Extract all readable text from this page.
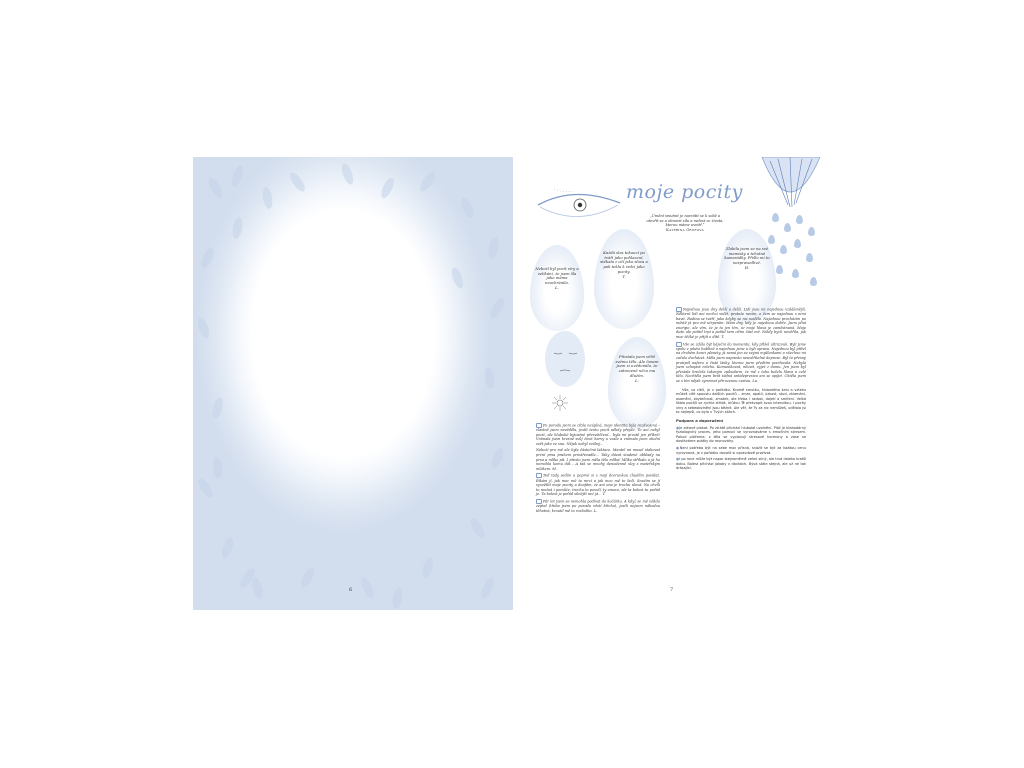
6
moje pocity
„Umění smutnit je navrátit se k sobě a otevřít se a obnovit sílu a radost ze života, kterou máme uvnitř.“
Kateřina Grofová
Každá slza tekoucí po tváři jako pohlazení, stékala z očí jako slova a pak tekla k srdci jako pocity.
T.
Neboží byl pocit víry a velikáni, že jsem šla jako máma neochránila.
L.
Zlobila jsem se na své mamisky a tehotné kamarádky. Přišlo mi to nespravedlivé.
H.
Přestala jsem věřit svému tělu. Ale časem jsem si uvědomila, že zatraceně něco mu dlužím.
L.

Po porodu jsem se cítila neúplná, moje identita byla rozdvojená – vlastně jsem nevěděla, jestli tento pocit někdy přejde. To ani nebyl pocit, ale hluboké bytostné přesvědčení... byla mi prostě jen příkrá! Vnímala jsem kresně svůj život harvy a vzala a vnímala jsem okolní svět jako ve snu. Nějak nebyl reálný...

Neboží pro mě ale byla částečná laktace. Mantel mi musel stahovat první prsa prahem prostřevadla... Taky dávat studené obklady na prsa a mlíko pít. I přesto jsem měla tělo mlíka! Mlíko stříkalo a já ho nemohla komu dát... A tak se mnohy denodenně slzy s mateřským mlékem. M.

Teď tady sedím a poprvé si s mojí dcerunkou chuděm povídat. Říkám jí, jak moc mě to mrzí a jak moc mě to bolí. Snažím se jí vysvětlit moje pocity a doufám, že ani ona je trochu ulevá. Na chvíli to možná i pomůže, trochu to povolí, ty emoce, ale ta bolest tu pořád je. Ta bolest je pořád silnější než já... T.

Pár let jsem se nemohla podívat do kočárku. A když se mě někdo zeptal (třeba jsem po porodu věstí břicho), jestli nejsem náhodou těhotná, kroutil mě to rozbolito. L.

Najednou jsou dny delší a delší. Lidi jsou mi najednou vzdálenější. Některé lidi ani nechci vidět, protože nevím, o čem se najednou s nimi bavit. Rodina se tváří, jako kdyby se nic nedělo. Najednou procházím po městě já pro mě utrpením. Mám dny, kdy je najednou dobře. Jsem plná energie, ale vím, že je to jen tím, že moje hlava je zaměstnaná. Moje duše ale pořád trpí a pořád tam cítím část mě. Nikdy bych nevěřila, jak moc těžké je přijít o dítě. T.

Vše se zdálo být báječní do momentu, kdy přišel ultrazvuk. Byli jsme spolu v jakési bublině a najednou jsme u byli opravu. Najednou byl přítel na druhém konci planety, já samá jen se svými myšlenkami a všechno mi začalo docházet. Měla jsem naprosto neuvěřitelné deprese. Byl to přesný protipól nafaru a čisté lásky, kterou jsem předtím pociťovala. Nebyla jsem schopná ničeho. Komunikovat, mluvit, vyjet z domu. Jen jsem byl přestala brečela takovým způsobem, že mě z toho bolela hlava a celé tělo. Nechtěla jsem brát žádná antidepresiva ani se opíjet. Chtěla jsem se s tím nějak vyrovnat přirozenou cestou. Lu.

Vše, co cítíš, je v pořádku. Kromě smutku, hlubokého žalu a vzteku můžeš cítit spoustu dalších pocitů – zmar, apatii, úzkost, stud, zklamání, osamění, zbytečnost, zmatek, ale třeba i radost, dojetí a smíření. Velká škála pocitů se rychle střídá, můžou Tě překvapit svou intenzitou. I pocity víny a sebeobvinění jsou běžné. Ale věř, že Ty za nic nemůžeš, udělala jsi to nejlepší, co bylo v Tvých silách.

Podpora a doporučení

● Je zdravé plakat. Po ztrátě přichází hluboké uvolnění. Pláč je blahodárný fyziologický proces, jeho pomocí se vyrovnáváme s emočním stresem. Pokud pláčeme, z těla se vyplavují stresové hormony a zase se dostáváme zpátky do rovnováhy.

● Není potřeba být na sebe moc přísná, snažit se být za každou cenu vyrovnaná, je v pořádku dovolit si opravdově prožívat.

● I po roce může být napor stejnoměrně velmi silný, ale trvá daleko kratší dobu. Bolest přichází jakoby v dávkách. Bývá stále stejná, ale už ne tak drásající.

7
